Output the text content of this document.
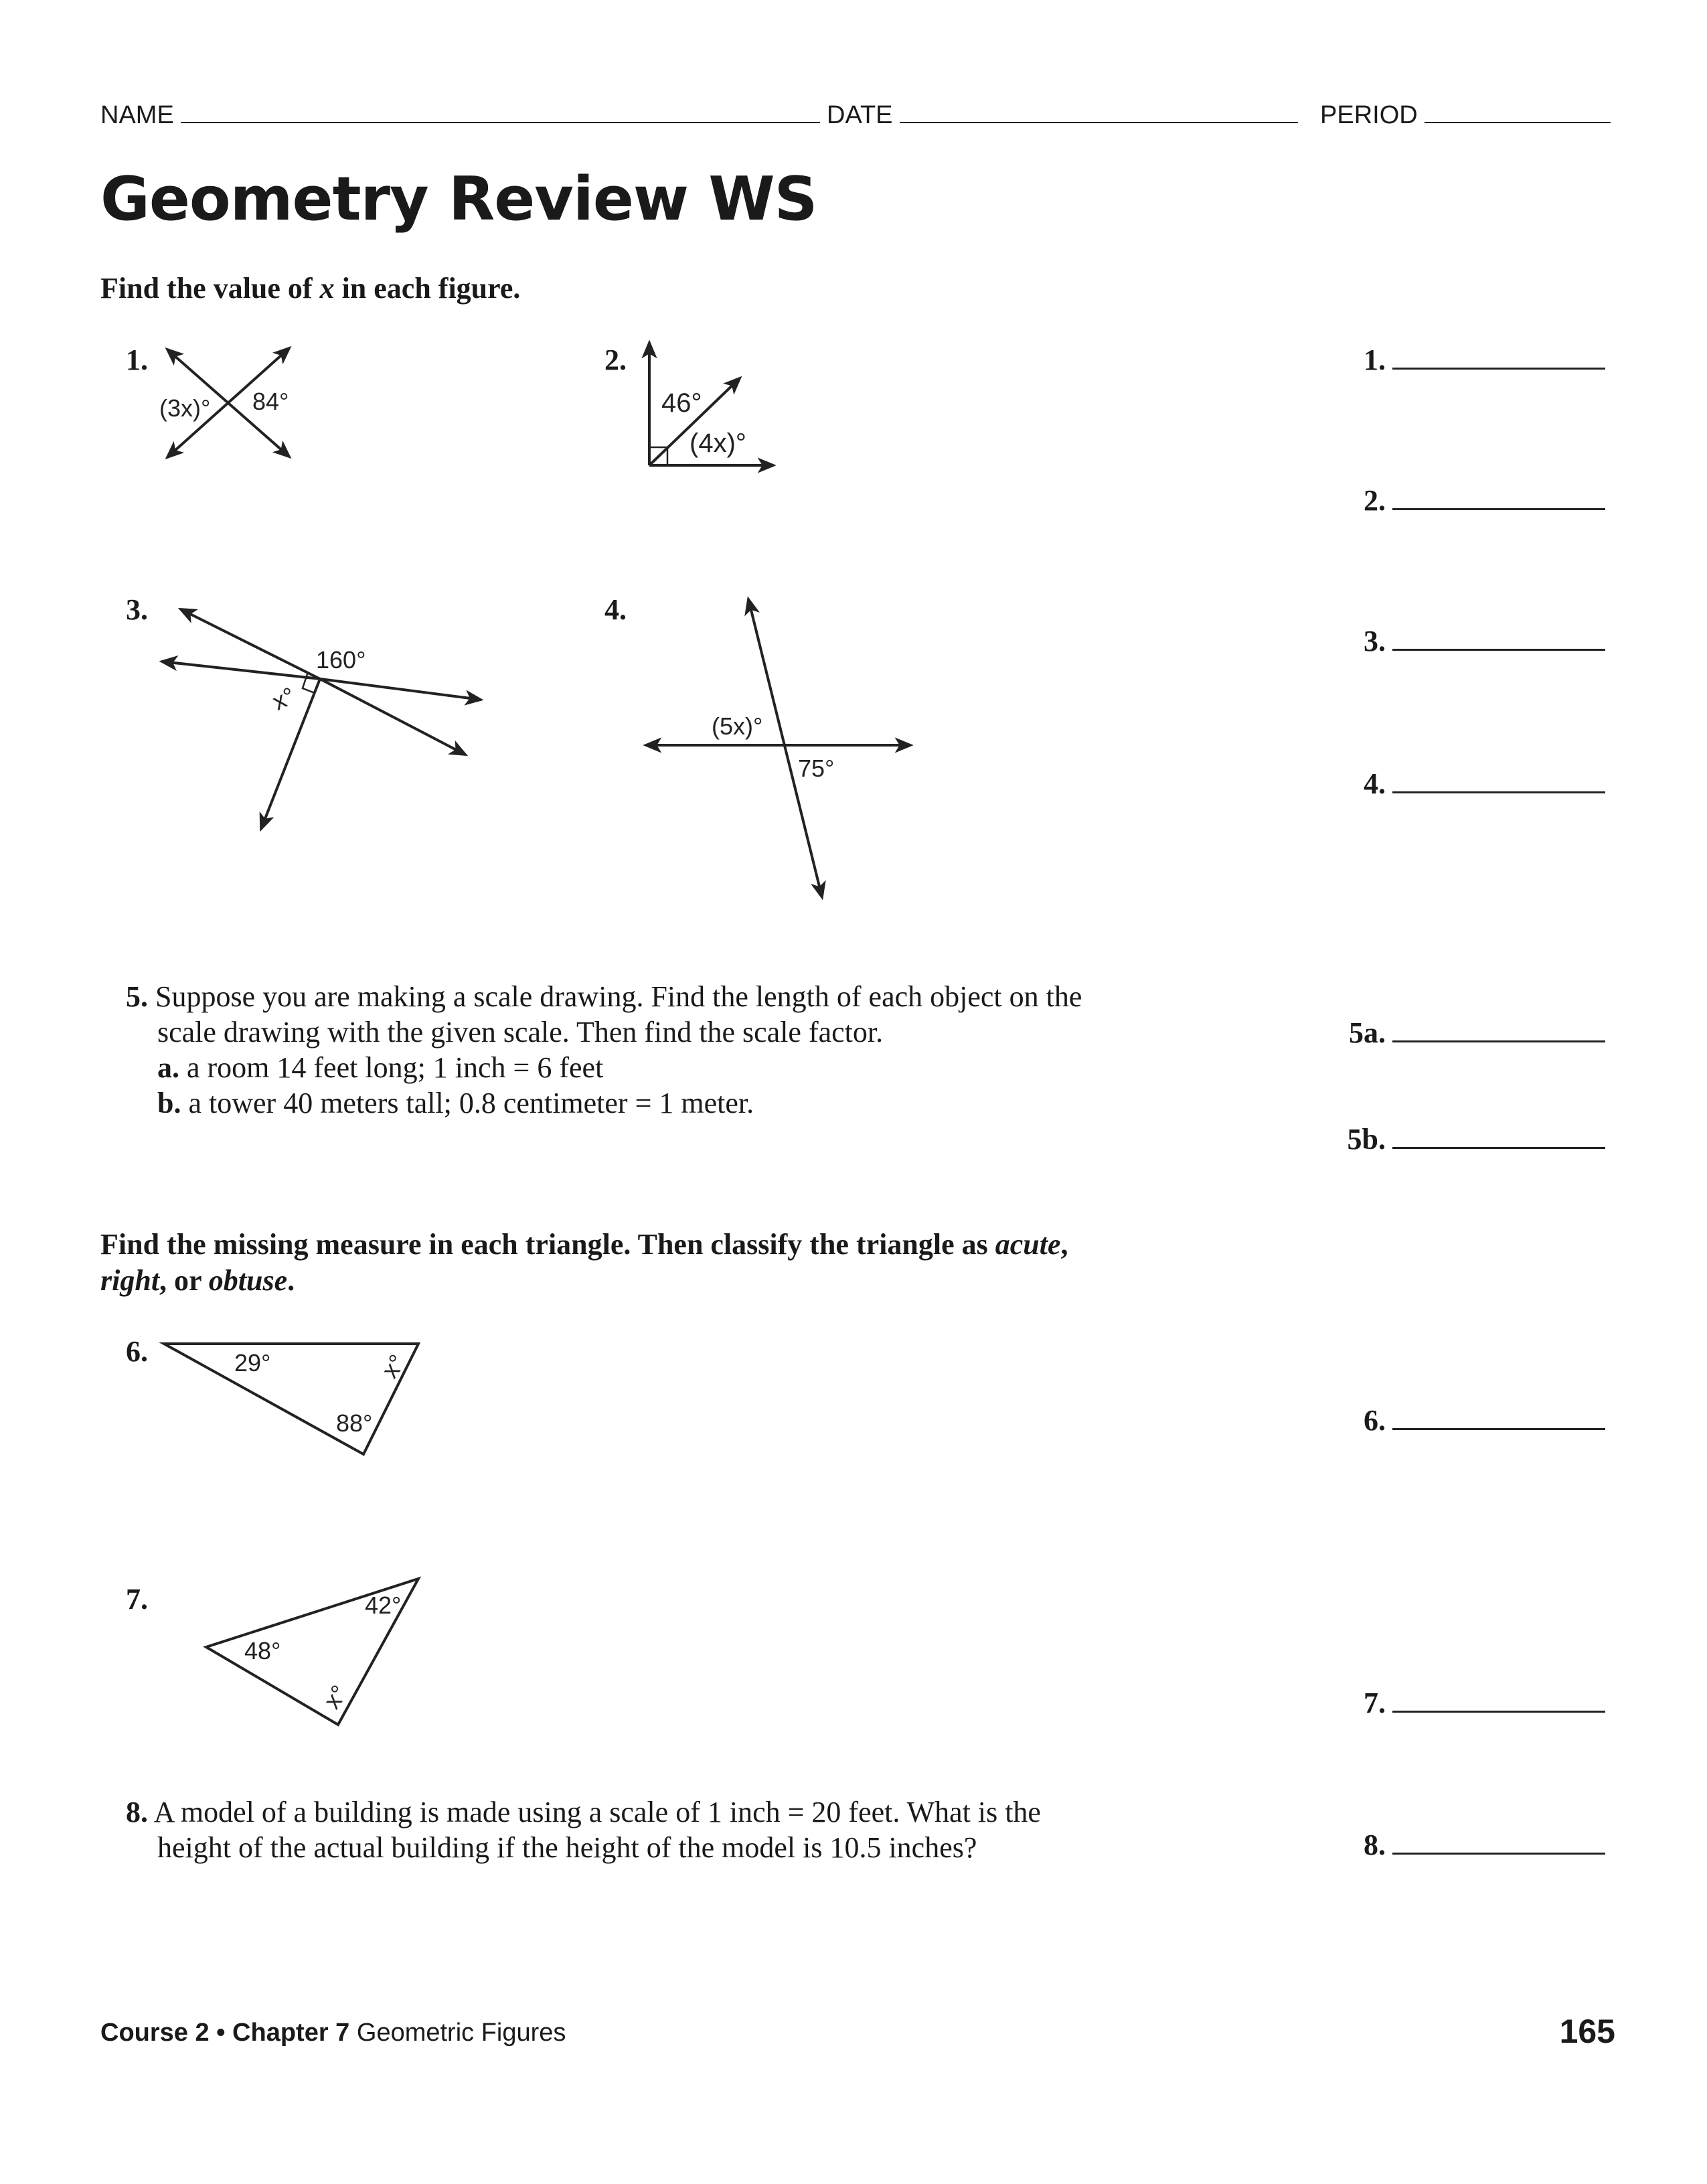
NAME	DATE	PERIOD
Geometry Review WS
Find the value of x in each figure.
1.	2.
3.	4.
(3x)° 84°	46°
(4x)°
160°
x°
(5x)°
75°
29°	x°
88°
42°
48°
x°
1.
2.
3.
4.
5a.
5b.
6.
7.
8.
5. Suppose you are making a scale drawing. Find the length of each object on the
scale drawing with the given scale. Then find the scale factor.
a. a room 14 feet long; 1 inch = 6 feet
b. a tower 40 meters tall; 0.8 centimeter = 1 meter.
Find the missing measure in each triangle. Then classify the triangle as acute,
right, or obtuse.
6.
7.
8. A model of a building is made using a scale of 1 inch = 20 feet. What is the
height of the actual building if the height of the model is 10.5 inches?
Course 2 • Chapter 7 Geometric Figures	165
